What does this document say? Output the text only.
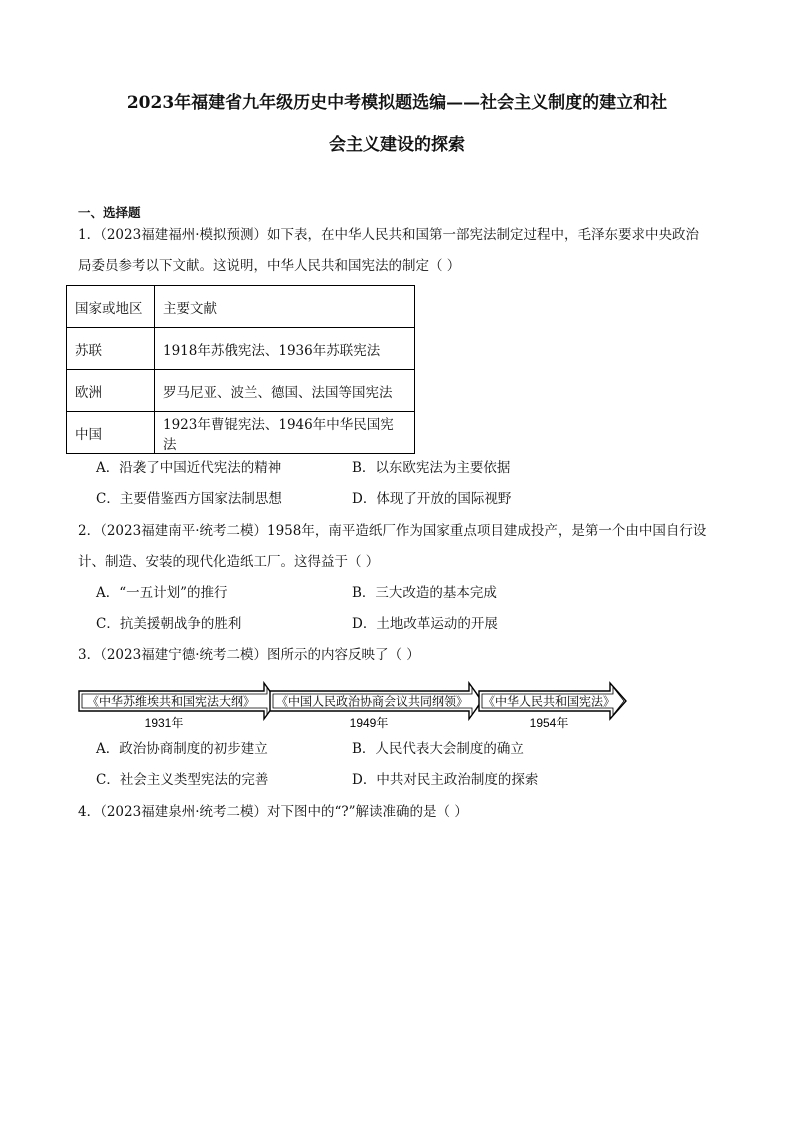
2023年福建省九年级历史中考模拟题选编——社会主义制度的建立和社
会主义建设的探索
一、选择题
1．（2023福建福州·模拟预测）如下表，在中华人民共和国第一部宪法制定过程中，毛泽东要求中央政治
局委员参考以下文献。这说明，中华人民共和国宪法的制定（ ）
国家或地区	主要文献
苏联	1918年苏俄宪法、1936年苏联宪法
欧洲	罗马尼亚、波兰、德国、法国等国宪法
中国	1923年曹锟宪法、1946年中华民国宪法
A．沿袭了中国近代宪法的精神	B．以东欧宪法为主要依据
C．主要借鉴西方国家法制思想	D．体现了开放的国际视野
2．（2023福建南平·统考二模）1958年，南平造纸厂作为国家重点项目建成投产，是第一个由中国自行设
计、制造、安装的现代化造纸工厂。这得益于（ ）
A．“一五计划”的推行	B．三大改造的基本完成
C．抗美援朝战争的胜利	D．土地改革运动的开展
3．（2023福建宁德·统考二模）图所示的内容反映了（ ）
《中华苏维埃共和国宪法大纲》
1931年
《中国人民政治协商会议共同纲领》
1949年
《中华人民共和国宪法》
1954年
A．政治协商制度的初步建立	B．人民代表大会制度的确立
C．社会主义类型宪法的完善	D．中共对民主政治制度的探索
4．（2023福建泉州·统考二模）对下图中的“?”解读准确的是（ ）
